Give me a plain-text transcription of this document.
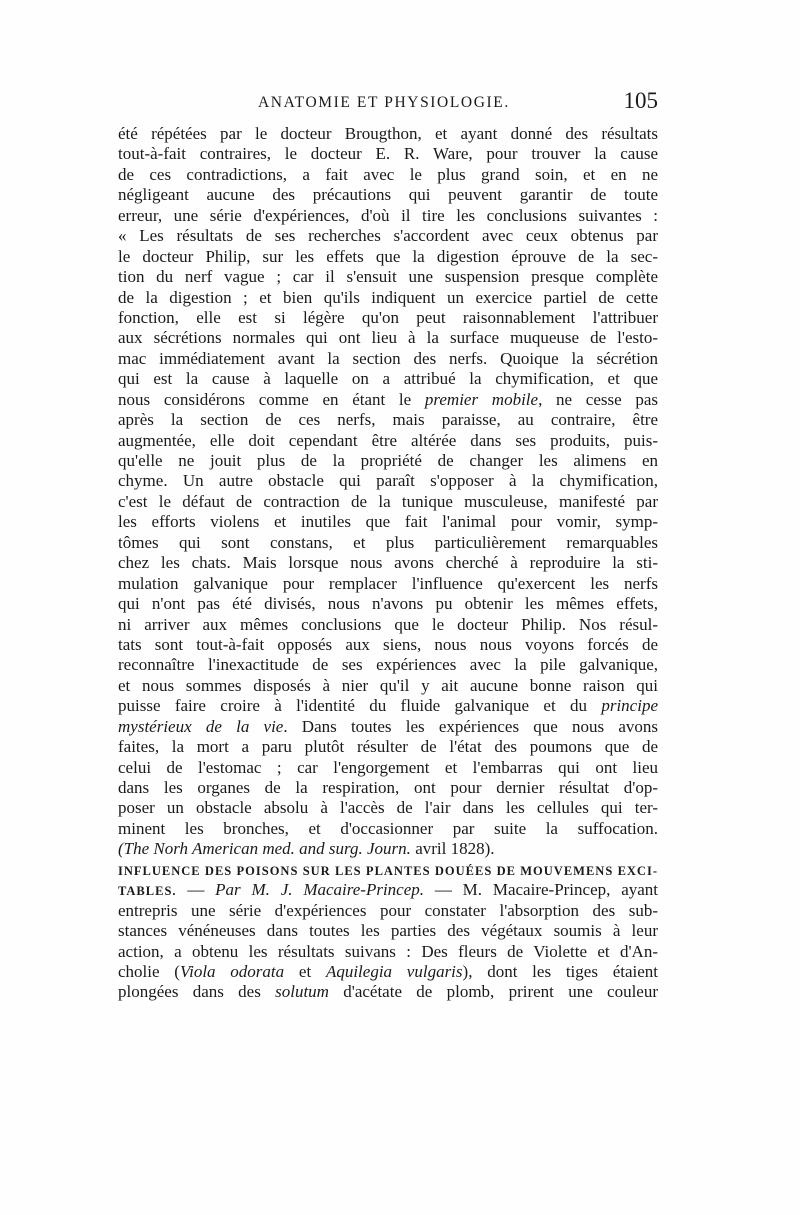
ANATOMIE ET PHYSIOLOGIE.	105
été répétées par le docteur Brougthon, et ayant donné des résultats
tout-à-fait contraires, le docteur E. R. Ware, pour trouver la cause
de ces contradictions, a fait avec le plus grand soin, et en ne
négligeant aucune des précautions qui peuvent garantir de toute
erreur, une série d'expériences, d'où il tire les conclusions suivantes :
« Les résultats de ses recherches s'accordent avec ceux obtenus par
le docteur Philip, sur les effets que la digestion éprouve de la sec-
tion du nerf vague ; car il s'ensuit une suspension presque complète
de la digestion ; et bien qu'ils indiquent un exercice partiel de cette
fonction, elle est si légère qu'on peut raisonnablement l'attribuer
aux sécrétions normales qui ont lieu à la surface muqueuse de l'esto-
mac immédiatement avant la section des nerfs. Quoique la sécrétion
qui est la cause à laquelle on a attribué la chymification, et que
nous considérons comme en étant le premier mobile, ne cesse pas
après la section de ces nerfs, mais paraisse, au contraire, être
augmentée, elle doit cependant être altérée dans ses produits, puis-
qu'elle ne jouit plus de la propriété de changer les alimens en
chyme. Un autre obstacle qui paraît s'opposer à la chymification,
c'est le défaut de contraction de la tunique musculeuse, manifesté par
les efforts violens et inutiles que fait l'animal pour vomir, symp-
tômes qui sont constans, et plus particulièrement remarquables
chez les chats. Mais lorsque nous avons cherché à reproduire la sti-
mulation galvanique pour remplacer l'influence qu'exercent les nerfs
qui n'ont pas été divisés, nous n'avons pu obtenir les mêmes effets,
ni arriver aux mêmes conclusions que le docteur Philip. Nos résul-
tats sont tout-à-fait opposés aux siens, nous nous voyons forcés de
reconnaître l'inexactitude de ses expériences avec la pile galvanique,
et nous sommes disposés à nier qu'il y ait aucune bonne raison qui
puisse faire croire à l'identité du fluide galvanique et du principe
mystérieux de la vie. Dans toutes les expériences que nous avons
faites, la mort a paru plutôt résulter de l'état des poumons que de
celui de l'estomac ; car l'engorgement et l'embarras qui ont lieu
dans les organes de la respiration, ont pour dernier résultat d'op-
poser un obstacle absolu à l'accès de l'air dans les cellules qui ter-
minent les bronches, et d'occasionner par suite la suffocation.
(The Norh American med. and surg. Journ. avril 1828).
INFLUENCE DES POISONS SUR LES PLANTES DOUÉES DE MOUVEMENS EXCI-
TABLES. — Par M. J. Macaire-Princep. — M. Macaire-Princep, ayant
entrepris une série d'expériences pour constater l'absorption des sub-
stances vénéneuses dans toutes les parties des végétaux soumis à leur
action, a obtenu les résultats suivans : Des fleurs de Violette et d'An-
cholie (Viola odorata et Aquilegia vulgaris), dont les tiges étaient
plongées dans des solutum d'acétate de plomb, prirent une couleur
